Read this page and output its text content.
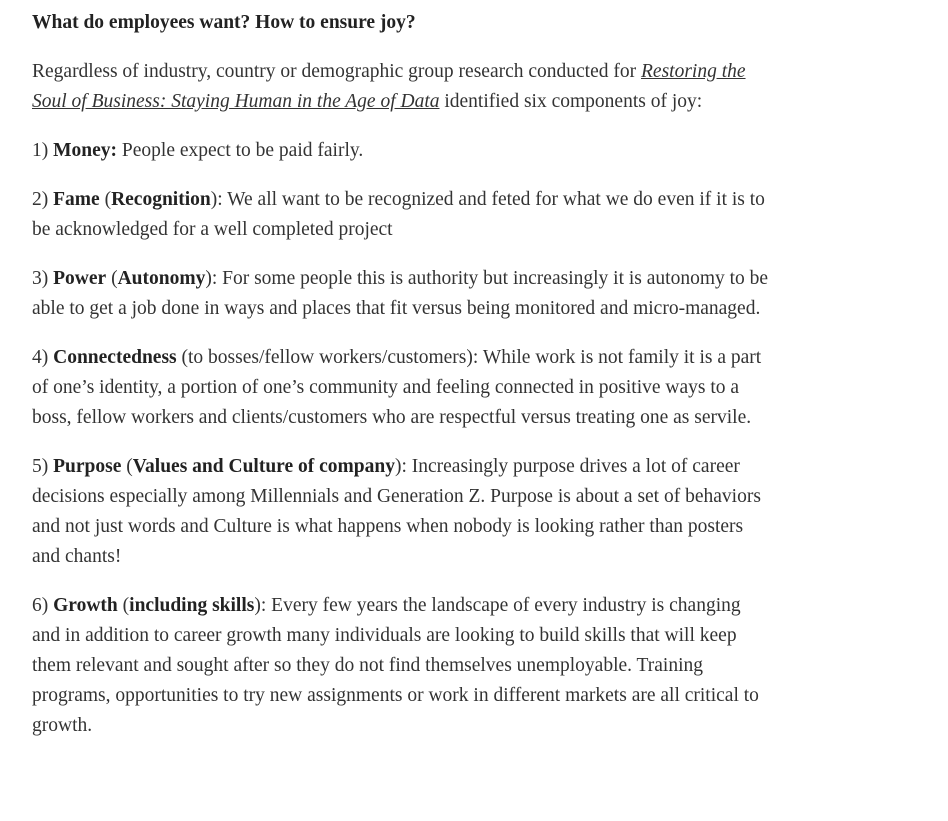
What do employees want? How to ensure joy?

Regardless of industry, country or demographic group research conducted for Restoring the Soul of Business: Staying Human in the Age of Data identified six components of joy:

1) Money: People expect to be paid fairly.

2) Fame (Recognition): We all want to be recognized and feted for what we do even if it is to be acknowledged for a well completed project

3) Power (Autonomy): For some people this is authority but increasingly it is autonomy to be able to get a job done in ways and places that fit versus being monitored and micro-managed.

4) Connectedness (to bosses/fellow workers/customers): While work is not family it is a part of one’s identity, a portion of one’s community and feeling connected in positive ways to a boss, fellow workers and clients/customers who are respectful versus treating one as servile.

5) Purpose (Values and Culture of company): Increasingly purpose drives a lot of career decisions especially among Millennials and Generation Z. Purpose is about a set of behaviors and not just words and Culture is what happens when nobody is looking rather than posters and chants!

6) Growth (including skills): Every few years the landscape of every industry is changing and in addition to career growth many individuals are looking to build skills that will keep them relevant and sought after so they do not find themselves unemployable. Training programs, opportunities to try new assignments or work in different markets are all critical to growth.
